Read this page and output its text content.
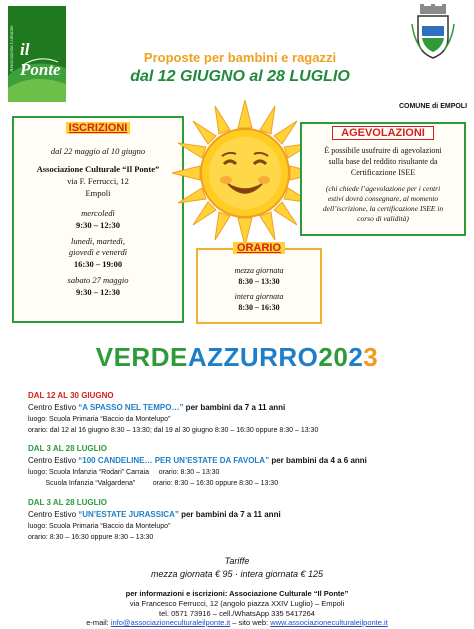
Associazione Culturale il Ponte
Proposte per bambini e ragazzi
dal 12 GIUGNO al 28 LUGLIO
COMUNE di EMPOLI
ISCRIZIONI
dal 22 maggio al 10 giugno
Associazione Culturale “Il Ponte”
via F. Ferrucci, 12
Empoli
mercoledì
9:30 – 12:30
lunedì, martedì,
giovedì e venerdì
16:30 – 19:00
sabato 27 maggio
9:30 – 12:30
AGEVOLAZIONI
È possibile usufruire di agevolazioni
sulla base del reddito risultante da
Certificazione ISEE
(chi chiede l’agevolazione per i centri
estivi dovrà consegnare, al momento
dell’iscrizione, la certificazione ISEE in
corso di validità)
ORARIO
mezza giornata
8:30 – 13:30
intera giornata
8:30 – 16:30
VERDEAZZURRO2023
DAL 12 AL 30 GIUGNO
Centro Estivo “A SPASSO NEL TEMPO…” per bambini da 7 a 11 anni
luogo: Scuola Primaria “Baccio da Montelupo”
orario: dal 12 al 16 giugno 8:30 – 13:30; dal 19 al 30 giugno 8:30 – 16:30 oppure 8:30 – 13:30
DAL 3 AL 28 LUGLIO
Centro Estivo “100 CANDELINE… PER UN’ESTATE DA FAVOLA” per bambini da 4 a 6 anni
luogo: Scuola Infanzia “Rodari” Carraia     orario: 8:30 – 13:30
Scuola Infanzia “Valgardena”         orario: 8:30 – 16:30 oppure 8:30 – 13:30
DAL 3 AL 28 LUGLIO
Centro Estivo “UN’ESTATE JURASSICA” per bambini da 7 a 11 anni
luogo: Scuola Primaria “Baccio da Montelupo”
orario: 8:30 – 16:30 oppure 8:30 – 13:30
Tariffe
mezza giornata € 95 · intera giornata € 125
per informazioni e iscrizioni: Associazione Culturale “Il Ponte”
via Francesco Ferrucci, 12 (angolo piazza XXIV Luglio) – Empoli
tel. 0571 73916 – cell./WhatsApp 335 5417264
e-mail: info@associazioneculturaleilponte.it – sito web: www.associazioneculturaleilponte.it
